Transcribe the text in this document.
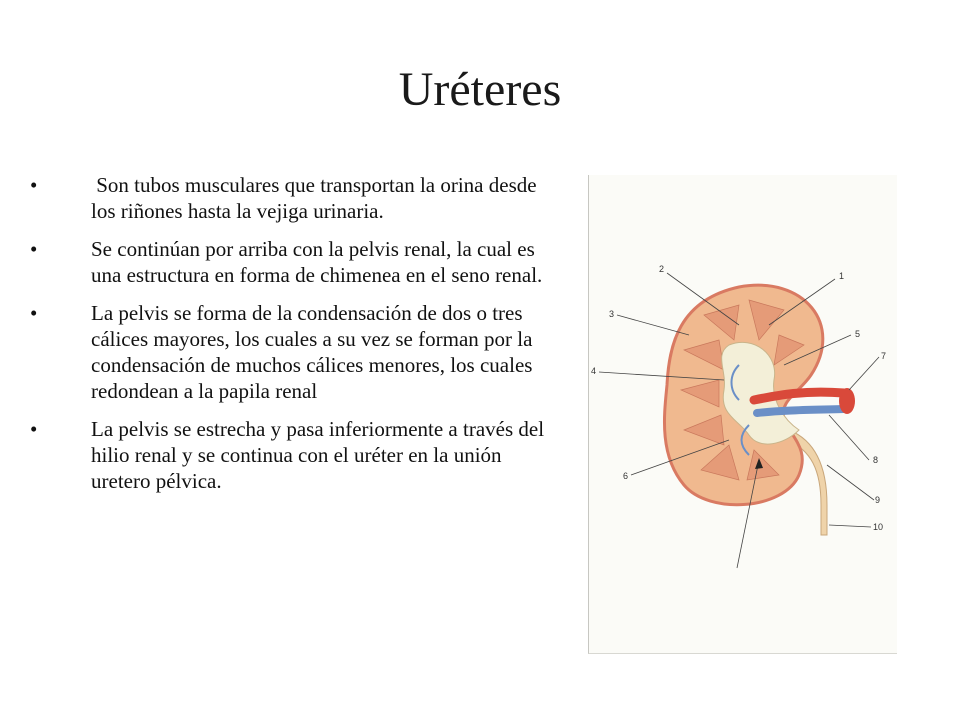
Uréteres
•	Son tubos musculares que transportan la orina desde los riñones hasta la vejiga urinaria.
•	Se continúan por arriba con la pelvis renal, la cual es una estructura en forma de chimenea en el seno renal.
•	La pelvis se forma de la condensación de dos o tres cálices mayores, los cuales a su vez se forman por la condensación de muchos cálices menores, los cuales redondean a la papila renal
•	La pelvis se estrecha y pasa inferiormente a través del hilio renal y se continua con el uréter en la unión uretero pélvica.
1
2
3
4
5
6
7
8
9
10
